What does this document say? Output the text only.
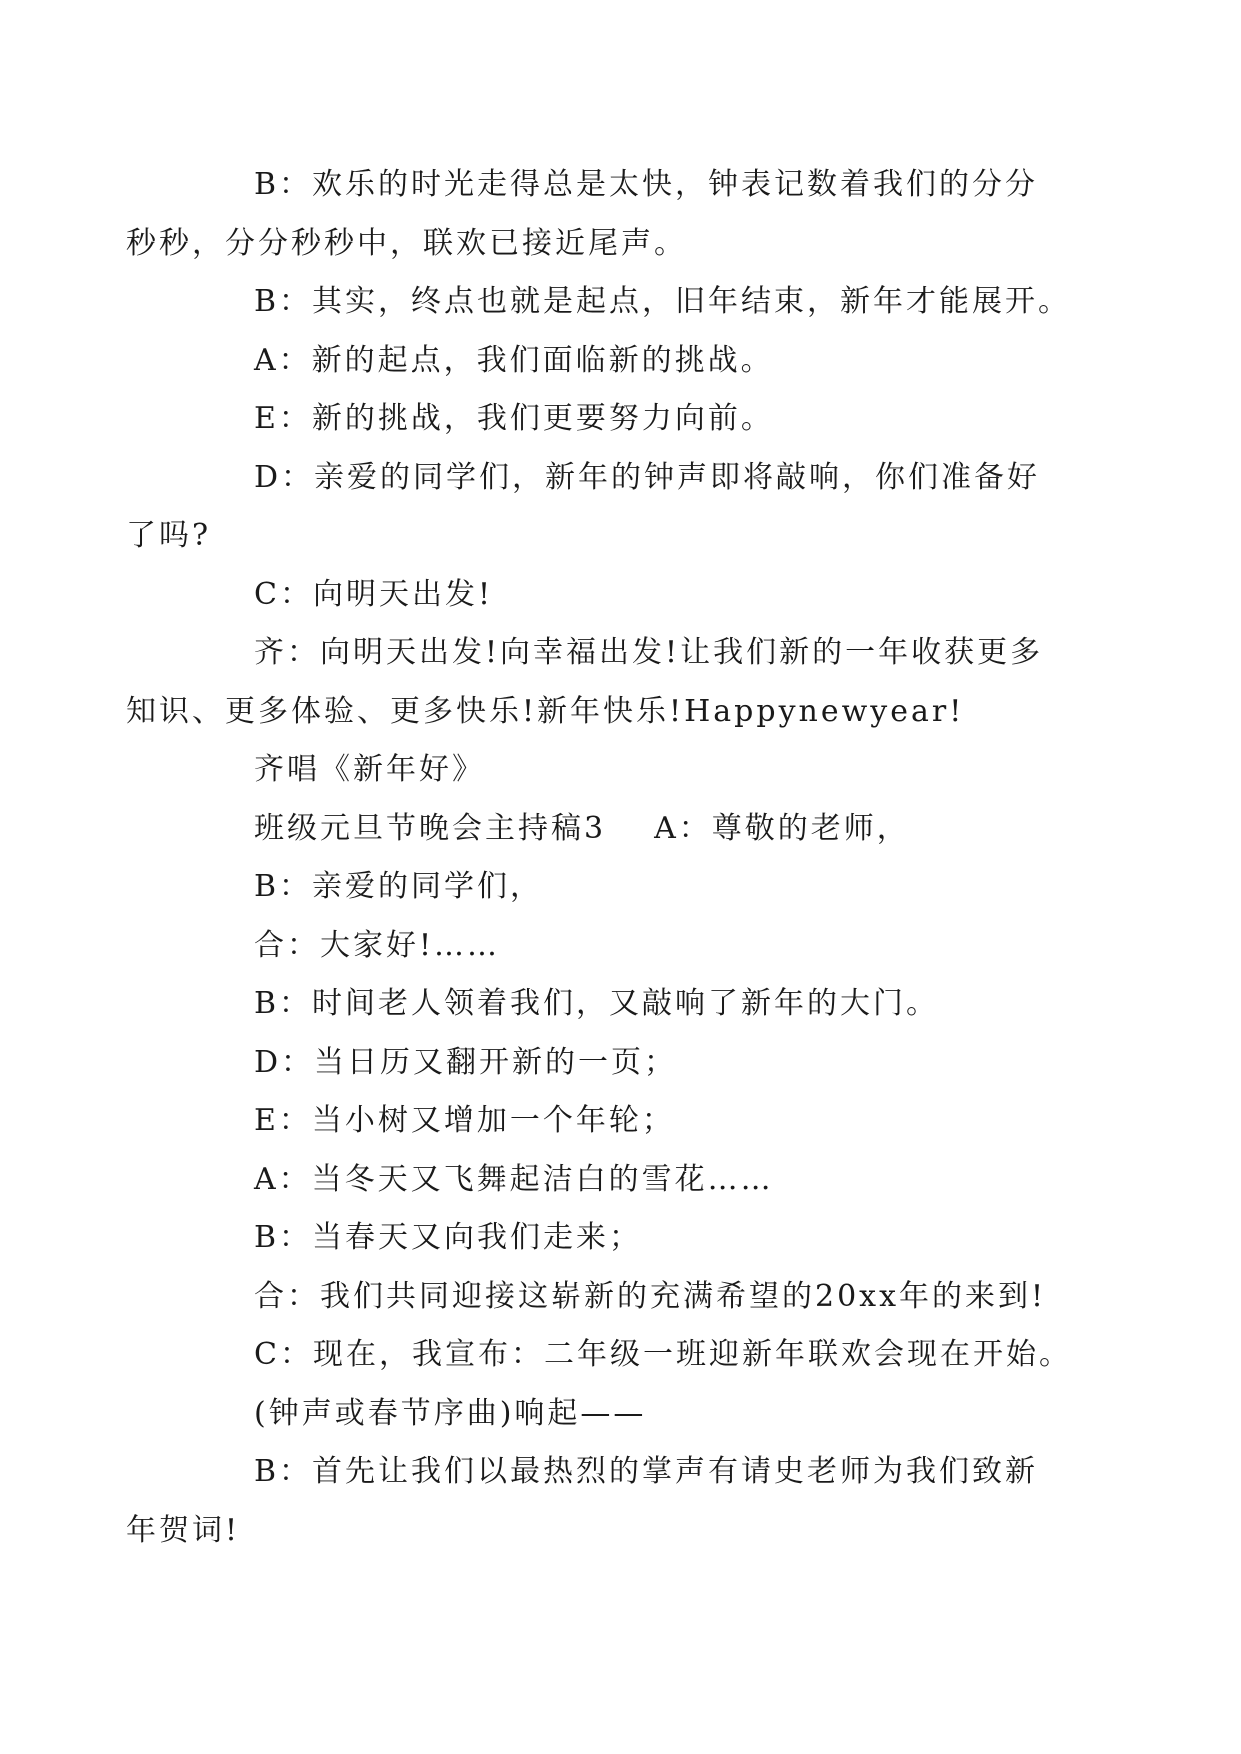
B：欢乐的时光走得总是太快，钟表记数着我们的分分
秒秒，分分秒秒中，联欢已接近尾声。

B：其实，终点也就是起点，旧年结束，新年才能展开。

A：新的起点，我们面临新的挑战。

E：新的挑战，我们更要努力向前。

D：亲爱的同学们，新年的钟声即将敲响，你们准备好
了吗?

C：向明天出发!

齐：向明天出发!向幸福出发!让我们新的一年收获更多
知识、更多体验、更多快乐!新年快乐!Happynewyear!

齐唱《新年好》

班级元旦节晚会主持稿3 A：尊敬的老师，

B：亲爱的同学们，

合：大家好!……

B：时间老人领着我们，又敲响了新年的大门。

D：当日历又翻开新的一页；

E：当小树又增加一个年轮；

A：当冬天又飞舞起洁白的雪花……

B：当春天又向我们走来；

合：我们共同迎接这崭新的充满希望的20xx年的来到!

C：现在，我宣布：二年级一班迎新年联欢会现在开始。

(钟声或春节序曲)响起——

B：首先让我们以最热烈的掌声有请史老师为我们致新
年贺词!
